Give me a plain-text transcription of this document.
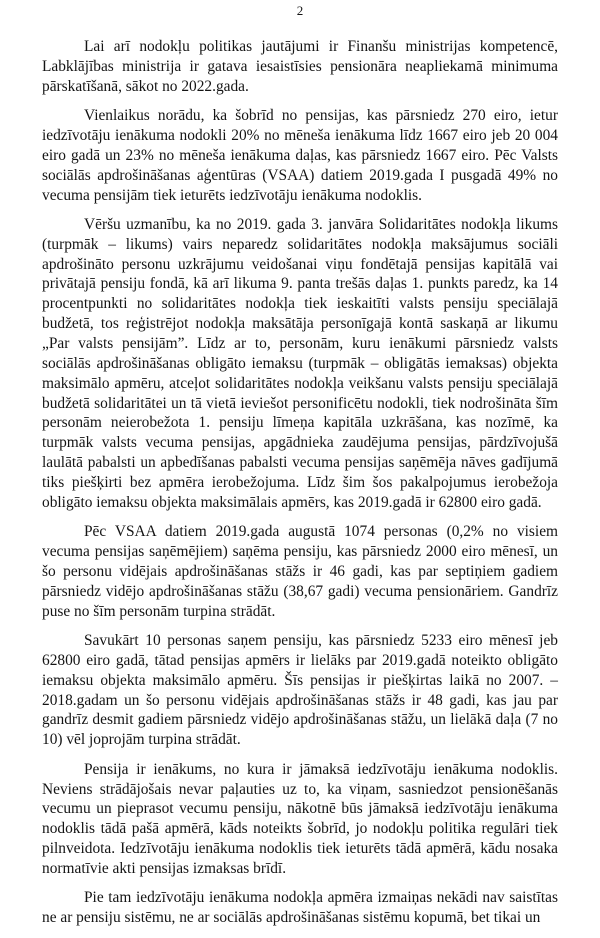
2

Lai arī nodokļu politikas jautājumi ir Finanšu ministrijas kompetencē, Labklājības ministrija ir gatava iesaistīsies pensionāra neapliekamā minimuma pārskatīšanā, sākot no 2022.gada.

Vienlaikus norādu, ka šobrīd no pensijas, kas pārsniedz 270 eiro, ietur iedzīvotāju ienākuma nodokli 20% no mēneša ienākuma līdz 1667 eiro jeb 20 004 eiro gadā un 23% no mēneša ienākuma daļas, kas pārsniedz 1667 eiro. Pēc Valsts sociālās apdrošināšanas aģentūras (VSAA) datiem 2019.gada I pusgadā 49% no vecuma pensijām tiek ieturēts iedzīvotāju ienākuma nodoklis.

Vēršu uzmanību, ka no 2019. gada 3. janvāra Solidaritātes nodokļa likums (turpmāk – likums) vairs neparedz solidaritātes nodokļa maksājumus sociāli apdrošināto personu uzkrājumu veidošanai viņu fondētajā pensijas kapitālā vai privātajā pensiju fondā, kā arī likuma 9. panta trešās daļas 1. punkts paredz, ka 14 procentpunkti no solidaritātes nodokļa tiek ieskaitīti valsts pensiju speciālajā budžetā, tos reģistrējot nodokļa maksātāja personīgajā kontā saskaņā ar likumu „Par valsts pensijām”. Līdz ar to, personām, kuru ienākumi pārsniedz valsts sociālās apdrošināšanas obligāto iemaksu (turpmāk – obligātās iemaksas) objekta maksimālo apmēru, atceļot solidaritātes nodokļa veikšanu valsts pensiju speciālajā budžetā solidaritātei un tā vietā ieviešot personificētu nodokli, tiek nodrošināta šīm personām neierobežota 1. pensiju līmeņa kapitāla uzkrāšana, kas nozīmē, ka turpmāk valsts vecuma pensijas, apgādnieka zaudējuma pensijas, pārdzīvojušā laulātā pabalsti un apbedīšanas pabalsti vecuma pensijas saņēmēja nāves gadījumā tiks piešķirti bez apmēra ierobežojuma. Līdz šim šos pakalpojumus ierobežoja obligāto iemaksu objekta maksimālais apmērs, kas 2019.gadā ir 62800 eiro gadā.

Pēc VSAA datiem 2019.gada augustā 1074 personas (0,2% no visiem vecuma pensijas saņēmējiem) saņēma pensiju, kas pārsniedz 2000 eiro mēnesī, un šo personu vidējais apdrošināšanas stāžs ir 46 gadi, kas par septiņiem gadiem pārsniedz vidējo apdrošināšanas stāžu (38,67 gadi) vecuma pensionāriem. Gandrīz puse no šīm personām turpina strādāt.

Savukārt 10 personas saņem pensiju, kas pārsniedz 5233 eiro mēnesī jeb 62800 eiro gadā, tātad pensijas apmērs ir lielāks par 2019.gadā noteikto obligāto iemaksu objekta maksimālo apmēru. Šīs pensijas ir piešķirtas laikā no 2007. – 2018.gadam un šo personu vidējais apdrošināšanas stāžs ir 48 gadi, kas jau par gandrīz desmit gadiem pārsniedz vidējo apdrošināšanas stāžu, un lielākā daļa (7 no 10) vēl joprojām turpina strādāt.

Pensija ir ienākums, no kura ir jāmaksā iedzīvotāju ienākuma nodoklis. Neviens strādājošais nevar paļauties uz to, ka viņam, sasniedzot pensionēšanās vecumu un pieprasot vecumu pensiju, nākotnē būs jāmaksā iedzīvotāju ienākuma nodoklis tādā pašā apmērā, kāds noteikts šobrīd, jo nodokļu politika regulāri tiek pilnveidota. Iedzīvotāju ienākuma nodoklis tiek ieturēts tādā apmērā, kādu nosaka normatīvie akti pensijas izmaksas brīdī.

Pie tam iedzīvotāju ienākuma nodokļa apmēra izmaiņas nekādi nav saistītas ne ar pensiju sistēmu, ne ar sociālās apdrošināšanas sistēmu kopumā, bet tikai un
